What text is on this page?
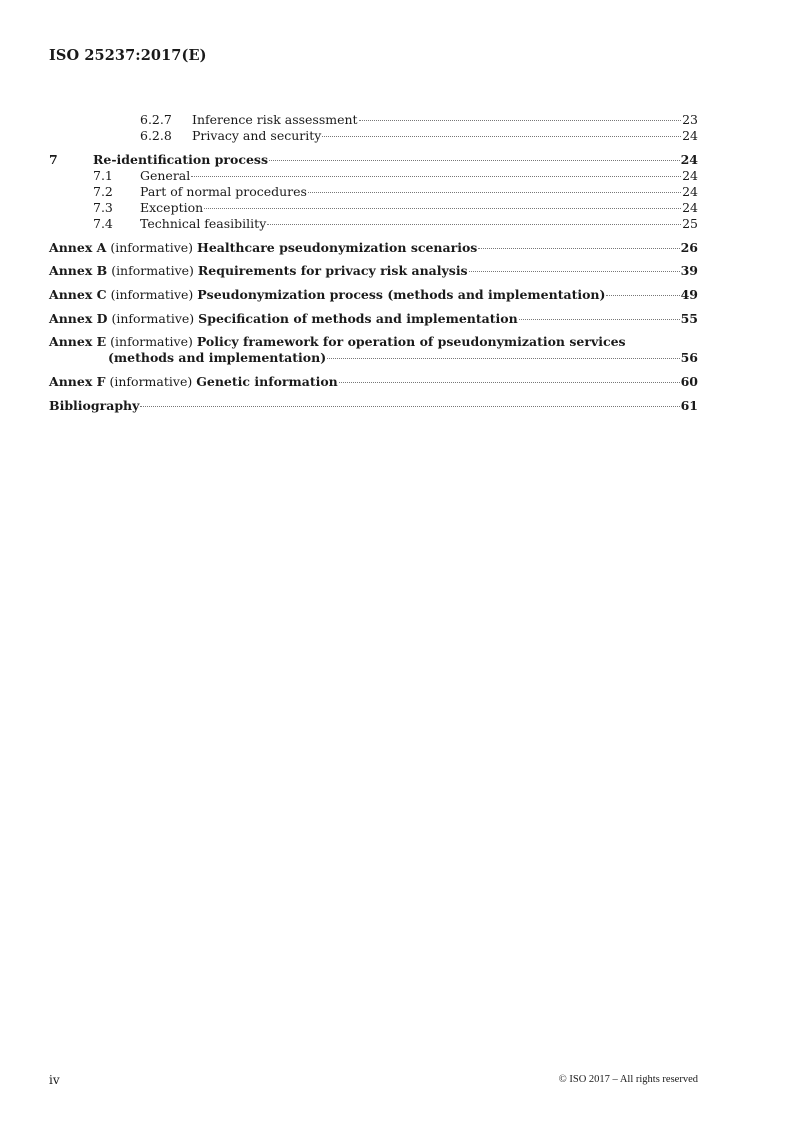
ISO 25237:2017(E)
6.2.7	Inference risk assessment	23
6.2.8	Privacy and security	24
7	Re-identification process	24
7.1	General	24
7.2	Part of normal procedures	24
7.3	Exception	24
7.4	Technical feasibility	25
Annex A (informative) Healthcare pseudonymization scenarios	26
Annex B (informative) Requirements for privacy risk analysis	39
Annex C (informative) Pseudonymization process (methods and implementation)	49
Annex D (informative) Specification of methods and implementation	55
Annex E (informative) Policy framework for operation of pseudonymization services
(methods and implementation)	56
Annex F (informative) Genetic information	60
Bibliography	61
iv	© ISO 2017 – All rights reserved
